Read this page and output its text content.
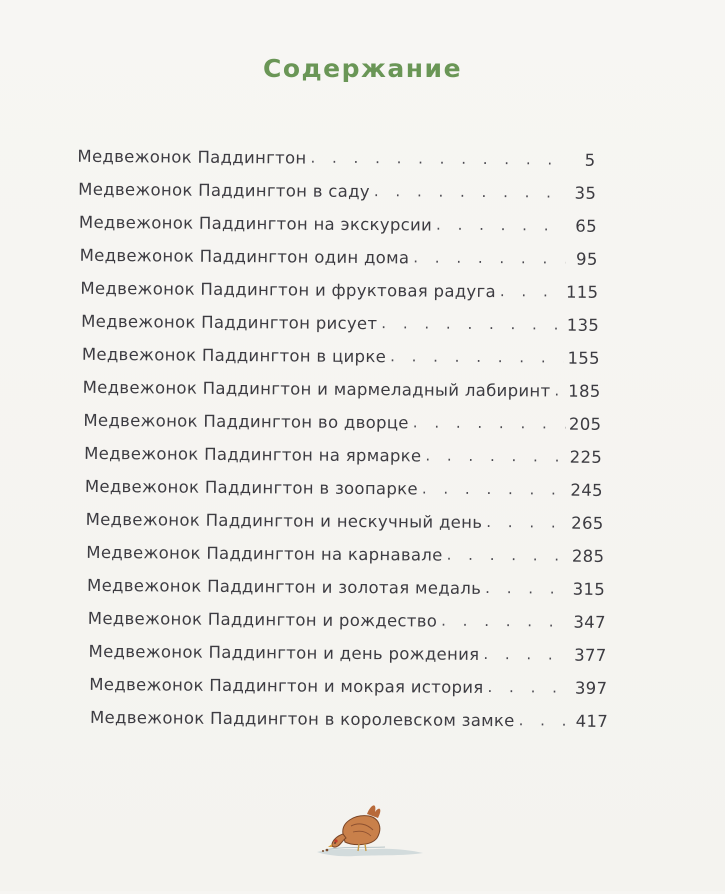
Содержание
Медвежонок Паддингтон . . .	5
Медвежонок Паддингтон в саду . . .	35
Медвежонок Паддингтон на экскурсии . . .	65
Медвежонок Паддингтон один дома . . .	95
Медвежонок Паддингтон и фруктовая радуга . . .	115
Медвежонок Паддингтон рисует . . .	135
Медвежонок Паддингтон в цирке . . .	155
Медвежонок Паддингтон и мармеладный лабиринт . . . 185
Медвежонок Паддингтон во дворце . . .	205
Медвежонок Паддингтон на ярмарке . . .	225
Медвежонок Паддингтон в зоопарке . . .	245
Медвежонок Паддингтон и нескучный день . . .	265
Медвежонок Паддингтон на карнавале . . .	285
Медвежонок Паддингтон и золотая медаль . . .	315
Медвежонок Паддингтон и рождество . . .	347
Медвежонок Паддингтон и день рождения . . .	377
Медвежонок Паддингтон и мокрая история . . .	397
Медвежонок Паддингтон в королевском замке . . .	417
